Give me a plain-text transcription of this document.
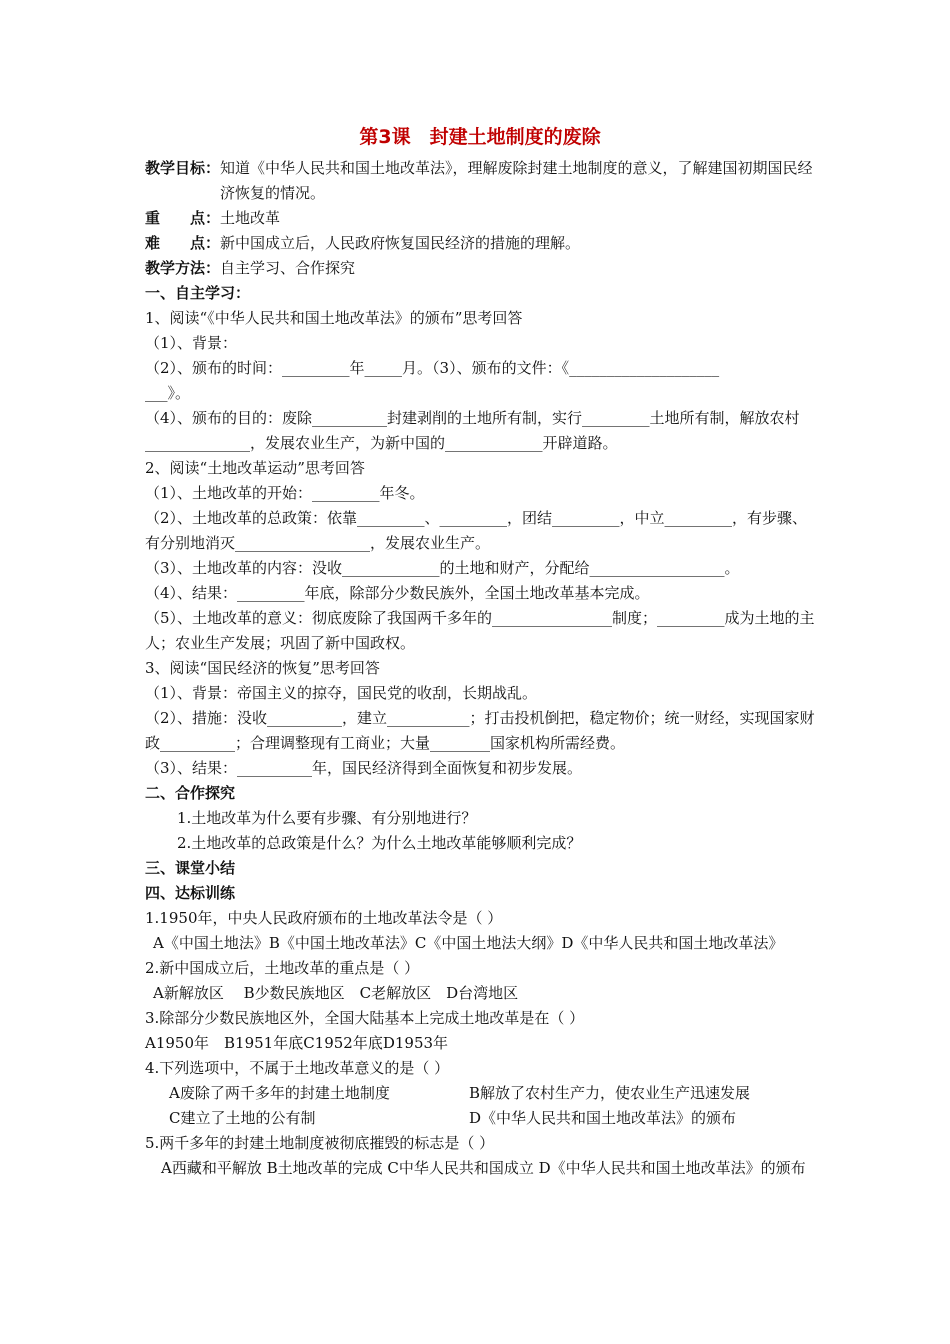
第3课　封建土地制度的废除
教学目标： 知道《中华人民共和国土地改革法》，理解废除封建土地制度的意义，了解建国初期国民经济恢复的情况。
重　　点：土地改革
难　　点：新中国成立后，人民政府恢复国民经济的措施的理解。
教学方法：自主学习、合作探究
一、自主学习：
1、阅读“《中华人民共和国土地改革法》的颁布”思考回答
（1）、背景：
（2）、颁布的时间：_________年_____月。（3）、颁布的文件：《____________________
___》。
（4）、颁布的目的：废除__________封建剥削的土地所有制，实行_________土地所有制，解放农村______________，发展农业生产，为新中国的_____________开辟道路。
2、阅读“土地改革运动”思考回答
（1）、土地改革的开始：_________年冬。
（2）、土地改革的总政策：依靠_________、_________，团结_________，中立_________，有步骤、有分别地消灭__________________，发展农业生产。
（3）、土地改革的内容：没收_____________的土地和财产，分配给__________________。
（4）、结果：_________年底，除部分少数民族外，全国土地改革基本完成。
（5）、土地改革的意义：彻底废除了我国两千多年的________________制度；_________成为土地的主人；农业生产发展；巩固了新中国政权。
3、阅读“国民经济的恢复”思考回答
（1）、背景：帝国主义的掠夺，国民党的收刮，长期战乱。
（2）、措施：没收__________，建立___________；打击投机倒把，稳定物价；统一财经，实现国家财政__________；合理调整现有工商业；大量________国家机构所需经费。
（3）、结果：__________年，国民经济得到全面恢复和初步发展。
二、合作探究
1.土地改革为什么要有步骤、有分别地进行？
2.土地改革的总政策是什么？为什么土地改革能够顺利完成？
三、课堂小结
四、达标训练
1.1950年，中央人民政府颁布的土地改革法令是（ ）
A《中国土地法》B《中国土地改革法》C《中国土地法大纲》D《中华人民共和国土地改革法》
2.新中国成立后，土地改革的重点是（ ）
A新解放区　 B少数民族地区　C老解放区　D台湾地区
3.除部分少数民族地区外，全国大陆基本上完成土地改革是在（ ）
A1950年　B1951年底C1952年底D1953年
4.下列选项中，不属于土地改革意义的是（ ）
A废除了两千多年的封建土地制度	B解放了农村生产力，使农业生产迅速发展
C建立了土地的公有制	D《中华人民共和国土地改革法》的颁布
5.两千多年的封建土地制度被彻底摧毁的标志是（ ）
A西藏和平解放 B土地改革的完成 C中华人民共和国成立 D《中华人民共和国土地改革法》的颁布
